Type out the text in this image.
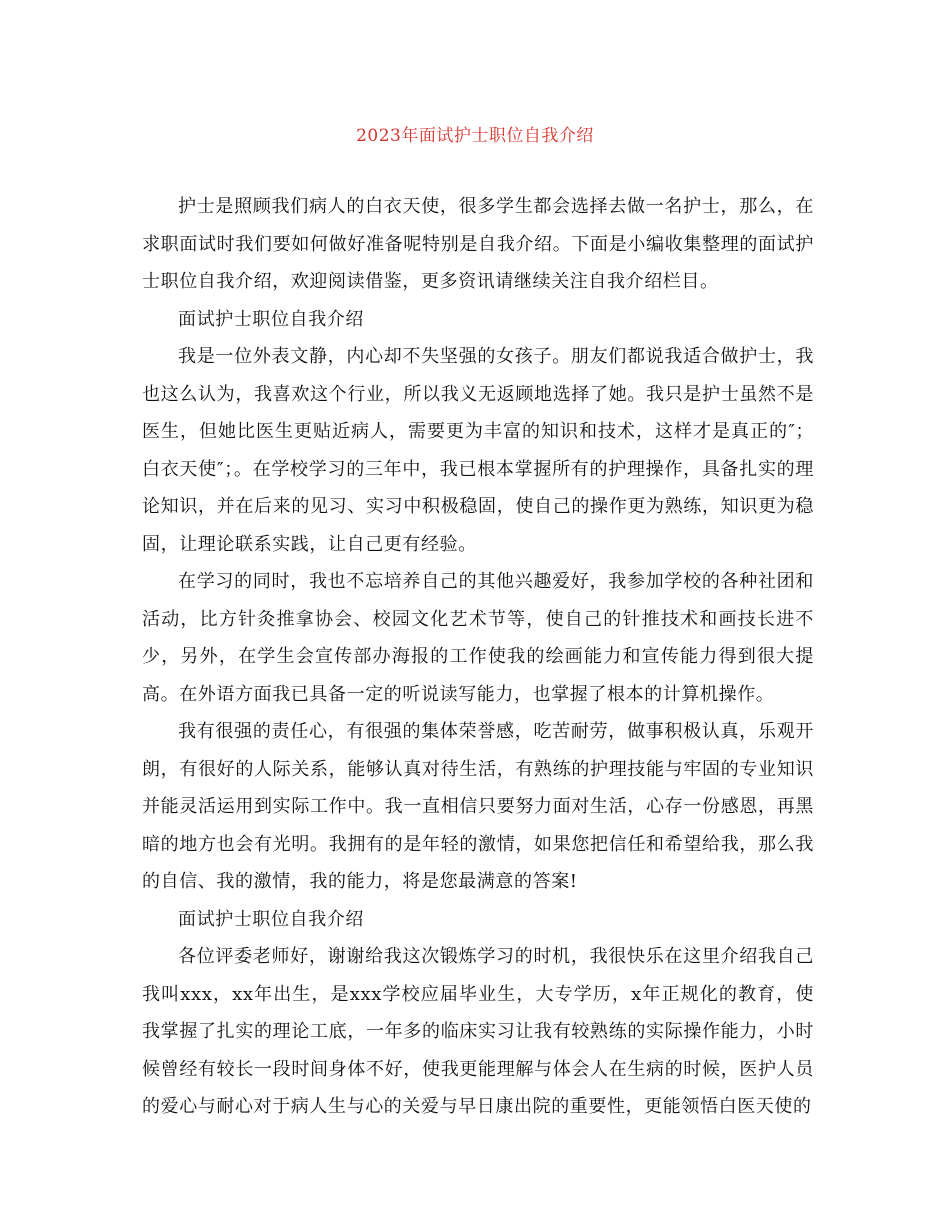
2023年面试护士职位自我介绍

护士是照顾我们病人的白衣天使，很多学生都会选择去做一名护士，那么，在求职面试时我们要如何做好准备呢特别是自我介绍。下面是小编收集整理的面试护士职位自我介绍，欢迎阅读借鉴，更多资讯请继续关注自我介绍栏目。

面试护士职位自我介绍

我是一位外表文静，内心却不失坚强的女孩子。朋友们都说我适合做护士，我也这么认为，我喜欢这个行业，所以我义无返顾地选择了她。我只是护士虽然不是医生，但她比医生更贴近病人，需要更为丰富的知识和技术，这样才是真正的″；白衣天使″；。在学校学习的三年中，我已根本掌握所有的护理操作，具备扎实的理论知识，并在后来的见习、实习中积极稳固，使自己的操作更为熟练，知识更为稳固，让理论联系实践，让自己更有经验。

在学习的同时，我也不忘培养自己的其他兴趣爱好，我参加学校的各种社团和活动，比方针灸推拿协会、校园文化艺术节等，使自己的针推技术和画技长进不少，另外，在学生会宣传部办海报的工作使我的绘画能力和宣传能力得到很大提高。在外语方面我已具备一定的听说读写能力，也掌握了根本的计算机操作。

我有很强的责任心，有很强的集体荣誉感，吃苦耐劳，做事积极认真，乐观开朗，有很好的人际关系，能够认真对待生活，有熟练的护理技能与牢固的专业知识并能灵活运用到实际工作中。我一直相信只要努力面对生活，心存一份感恩，再黑暗的地方也会有光明。我拥有的是年轻的激情，如果您把信任和希望给我，那么我的自信、我的激情，我的能力，将是您最满意的答案!

面试护士职位自我介绍

各位评委老师好，谢谢给我这次锻炼学习的时机，我很快乐在这里介绍我自己我叫xxx，xx年出生，是xxx学校应届毕业生，大专学历，x年正规化的教育，使我掌握了扎实的理论工底，一年多的临床实习让我有较熟练的实际操作能力，小时候曾经有较长一段时间身体不好，使我更能理解与体会人在生病的时候，医护人员的爱心与耐心对于病人生与心的关爱与早日康出院的重要性，更能领悟白医天使的
